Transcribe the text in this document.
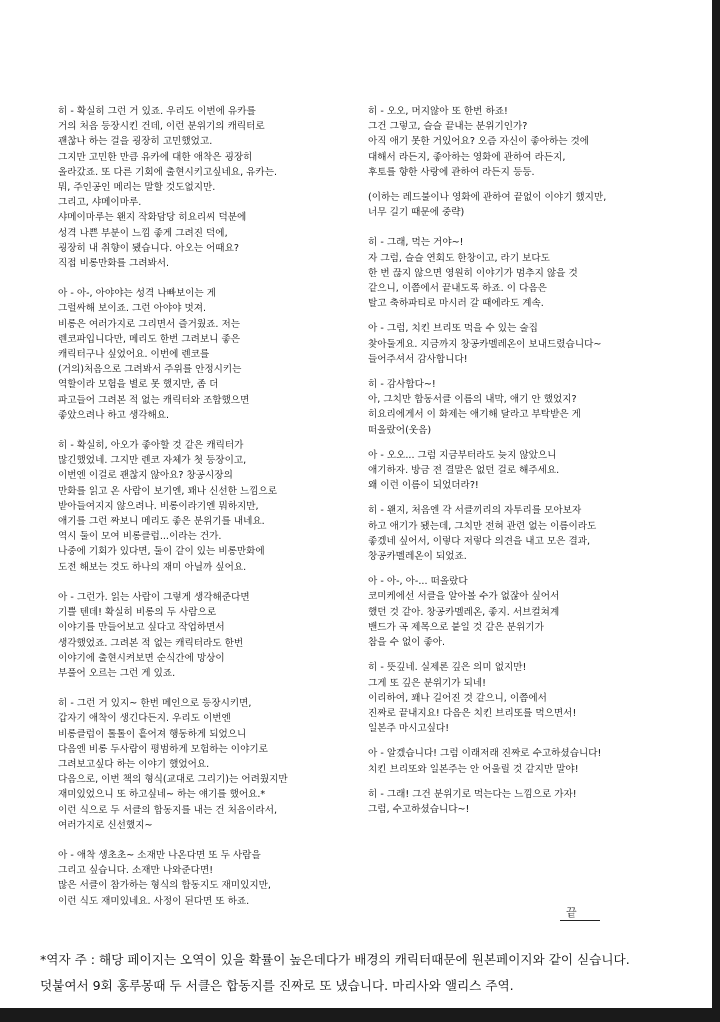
히 - 확실히 그런 거 있죠. 우리도 이번에 유카를
거의 처음 등장시킨 건데, 이런 분위기의 캐릭터로
괜찮나 하는 걸을 굉장히 고민했었고.
그지만 고민한 만큼 유카에 대한 애착은 굉장히
올라갔죠. 또 다른 기회에 출현시키고싶네요, 유카는.
뭐, 주인공인 메리는 말할 것도없지만.
그리고, 샤메이마루.
샤메이마루는 왠지 작화담당 히요리씨 덕분에
성격 나쁜 부분이 느낌 좋게 그려진 덕에,
굉장히 내 취향이 됐습니다. 아오는 어때요?
직접 비롱만화를 그려봐서.

아 - 아-, 아야야는 성격 나빠보이는 게
그럴싸해 보이죠. 그런 아야야 멋져.
비롱은 여러가지로 그리면서 즐거웠죠. 저는
렌코파입니다만, 메리도 한번 그려보니 좋은
캐릭터구나 싶었어요. 이번에 렌코를
(거의)처음으로 그려봐서 주위를 안정시키는
역할이라 모험을 별로 못 했지만, 좀 더
파고들어 그려본 적 없는 캐릭터와 조합했으면
좋았으려나 하고 생각해요.

히 - 확실히, 아오가 좋아할 것 같은 캐릭터가
많긴했었네. 그지만 렌코 자체가 첫 등장이고,
이번엔 이걸로 괜찮지 않아요? 창공시장의
만화를 읽고 온 사람이 보기엔, 꽤나 신선한 느낌으로
받아들여지지 않으려나. 비롱이라기엔 뭐하지만,
애기를 그런 짜보니 메리도 좋은 분위기를 내네요.
역시 둘이 모여 비롱클럽...이라는 건가.
나중에 기회가 있다면, 둘이 같이 있는 비롱만화에
도전 해보는 것도 하나의 재미 아닐까 싶어요.

아 - 그런가. 읽는 사람이 그렇게 생각해준다면
기쁠 텐데! 확실히 비롱의 두 사람으로
이야기를 만들어보고 싶다고 작업하면서
생각했었죠. 그려본 적 없는 캐릭터라도 한번
이야기에 출현시켜보면 순식간에 망상이
부풀어 오르는 그런 게 있죠.

히 - 그런 거 있지~ 한번 메인으로 등장시키면,
갑자기 애착이 생긴다든지. 우리도 이번엔
비롱클럽이 톨톨이 흩어져 행동하게 되었으니
다음엔 비롱 두사람이 평범하게 모험하는 이야기로
그려보고싶다 하는 이야기 했었어요.
다음으로, 이번 책의 형식(교대로 그리기)는 어려웠지만
재미있었으니 또 하고싶네~ 하는 얘기를 했어요.*
이런 식으로 두 서클의 합동지를 내는 건 처음이라서,
여러가지로 신선했지~

아 - 애착 생초초~ 소재만 나온다면 또 두 사람을
그리고 싶습니다. 소재만 나와준다면!
많은 서클이 참가하는 형식의 합동지도 재미있지만,
이런 식도 재미있네요. 사정이 된다면 또 하죠.

히 - 오오, 머지않아 또 한번 하죠!
그건 그렇고, 슬슬 끝내는 분위기인가?
아직 애기 못한 거있어요? 오즘 자신이 좋아하는 것에
대해서 라든지, 좋아하는 영화에 관하여 라든지,
후토를 향한 사랑에 관하여 라든지 등등.

(이하는 레드불이나 영화에 관하여 끝없이 이야기 했지만,
너무 길기 때문에 중략)

히 - 그래, 먹는 거야~!
자 그럼, 슬슬 연회도 한창이고, 라기 보다도
한 번 끊지 않으면 영원히 이야기가 멈추지 않을 것
같으니, 이쯤에서 끝내도록 하죠. 이 다음은
탈고 축하파티로 마시러 갈 때에라도 계속.

아 - 그럼, 치킨 브리또 먹을 수 있는 술집
찾아둘게요. 지금까지 창공카멜레온이 보내드렸습니다~
들어주셔서 감사합니다!

히 - 감사합다~!
아, 그치만 합동서클 이름의 내막, 애기 안 했었지?
히요리에게서 이 화제는 애기해 달라고 부탁받은 게
떠올랐어(웃음)

아 - 오오... 그럼 지금부터라도 늦지 않았으니
애기하자. 방금 전 결말은 없던 걸로 해주세요.
왜 이런 이름이 되었더라?!

히 - 왠지, 처음엔 각 서클끼리의 자투리를 모아보자
하고 애기가 됐는데, 그치만 전혀 관련 없는 이름이라도
좋겠네 싶어서, 이렇다 저렇다 의견을 내고 모은 결과,
창공카멜레온이 되었죠.

아 - 아-, 아-... 떠올랐다
코미케에선 서클을 알아볼 수가 없잖아 싶어서
했던 것 같아. 창공카멜레온, 좋지. 서브컬쳐계
밴드가 곡 제목으로 붙일 것 같은 분위기가
참을 수 없이 좋아.

히 - 뜻깊네. 실제론 깊은 의미 없지만!
그게 또 깊은 분위기가 되네!
이리하여, 꽤나 길어진 것 같으니, 이쯤에서
진짜로 끝내지요! 다음은 치킨 브리또를 먹으면서!
일본주 마시고싶다!

아 - 알겠습니다! 그럼 이래저래 진짜로 수고하셨습니다!
치킨 브리또와 일본주는 안 어울릴 것 같지만 말야!

히 - 그래! 그건 분위기로 먹는다는 느낌으로 가자!
그럼, 수고하셨습니다~!

끝
*역자 주 : 해당 페이지는 오역이 있을 확률이 높은데다가 배경의 캐릭터때문에 원본페이지와 같이 싣습니다.
덧붙여서 9회 홍루몽때 두 서클은 합동지를 진짜로 또 냈습니다. 마리사와 앨리스 주역.
